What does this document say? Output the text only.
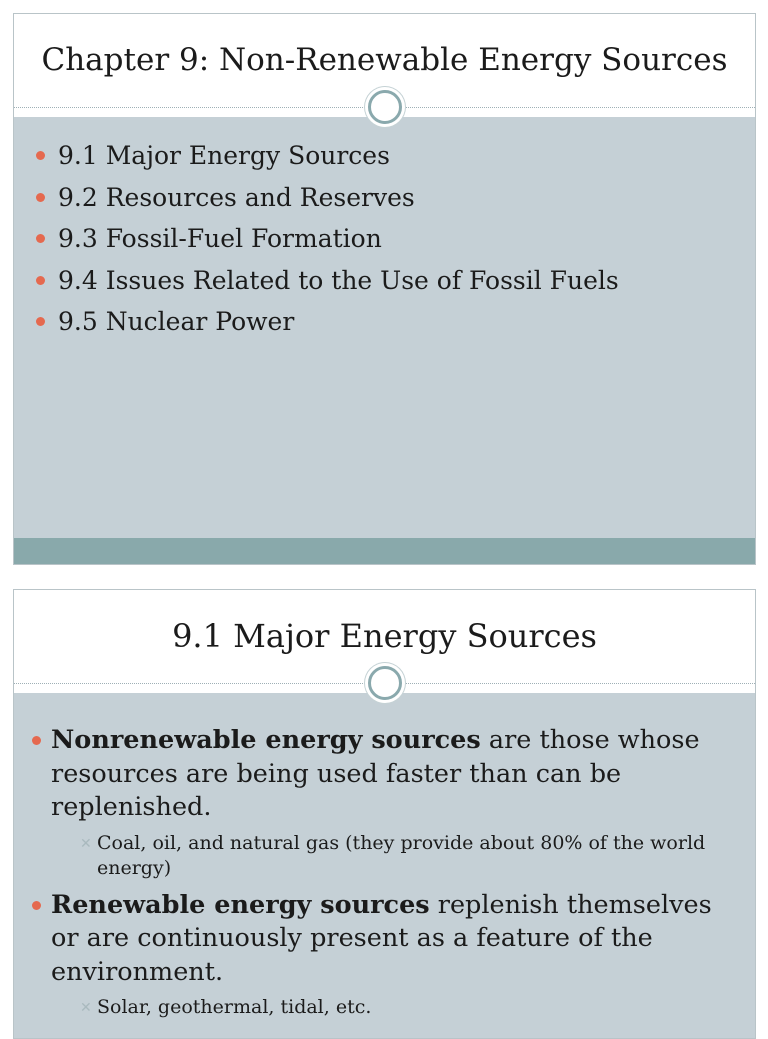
Chapter 9: Non-Renewable Energy Sources
9.1 Major Energy Sources
9.2 Resources and Reserves
9.3 Fossil-Fuel Formation
9.4 Issues Related to the Use of Fossil Fuels
9.5 Nuclear Power
9.1 Major Energy Sources
Nonrenewable energy sources are those whose resources are being used faster than can be replenished.
✕ Coal, oil, and natural gas (they provide about 80% of the world energy)
Renewable energy sources replenish themselves or are continuously present as a feature of the environment.
✕ Solar, geothermal, tidal, etc.
